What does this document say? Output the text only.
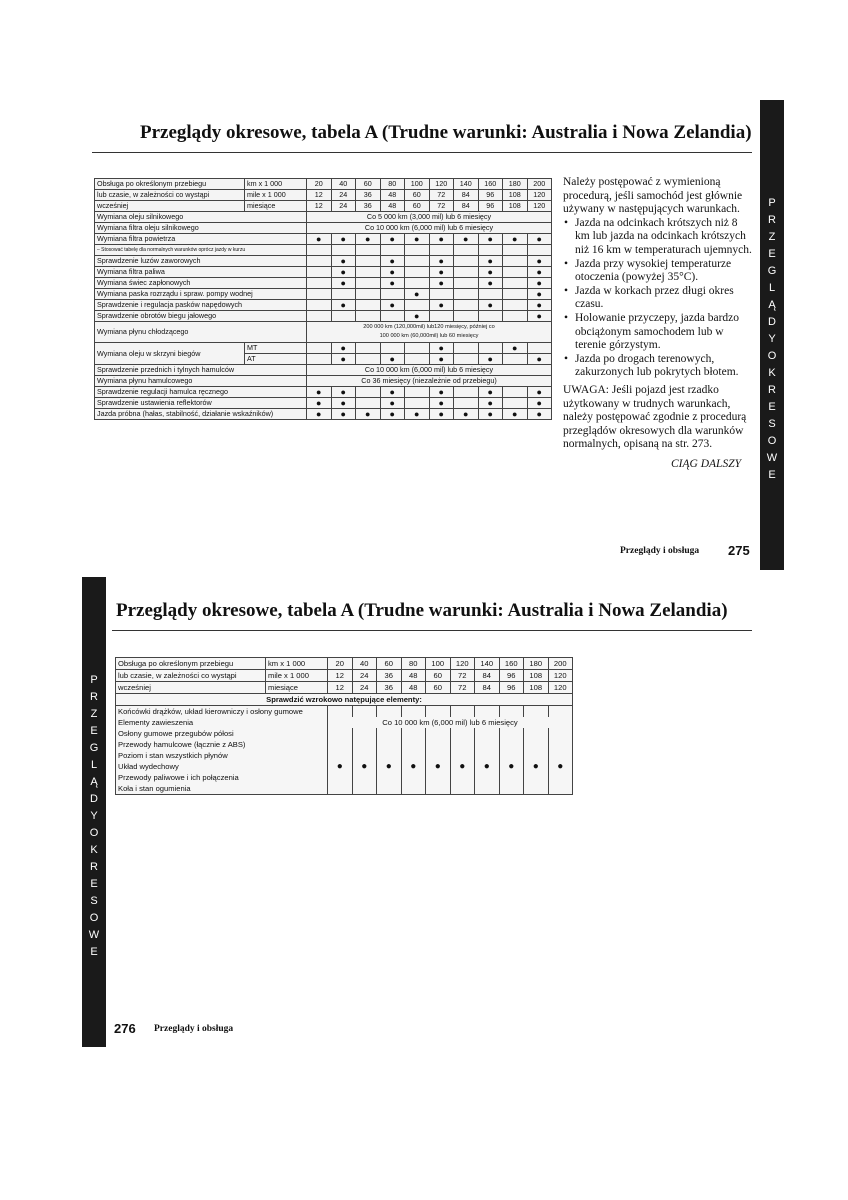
Przeglądy okresowe, tabela A (Trudne warunki: Australia i Nowa Zelandia)
P
R
Z
E
G
L
Ą
D
Y
O
K
R
E
S
O
W
E
Obsługa po określonym przebiegu	km x 1 000	20	40	60	80	100	120	140	160	180	200
lub czasie, w zależności co wystąpi	mile x 1 000	12	24	36	48	60	72	84	96	108	120
wcześniej	miesiące	12	24	36	48	60	72	84	96	108	120
Wymiana oleju silnikowego		Co 5 000 km (3,000 mil) lub 6 miesięcy									
Wymiana filtra oleju silnikowego		Co 10 000 km (6,000 mil) lub 6 miesięcy									
Wymiana filtra powietrza		●	●	●	●	●	●	●	●	●	●
– Stosować tabelę dla normalnych warunków oprócz jazdy w kurzu											
Sprawdzenie luzów zaworowych			●		●		●		●		●
Wymiana filtra paliwa			●		●		●		●		●
Wymiana świec zapłonowych			●		●		●		●		●
Wymiana paska rozrządu i spraw. pompy wodnej						●					●
Sprawdzenie i regulacja pasków napędowych			●		●		●		●		●
Sprawdzenie obrotów biegu jałowego						●					●
Wymiana płynu chłodzącego		200 000 km (120,000mil) lub120 miesięcy, później co
100 000 km (60,000mil) lub 60 miesięcy									

Wymiana oleju w skrzyni biegów	MT		●				●			●	
	AT		●		●		●		●		●
Sprawdzenie przednich i tylnych hamulców		Co 10 000 km (6,000 mil) lub 6 miesięcy									
Wymiana płynu hamulcowego		Co 36 miesięcy (niezależnie od przebiegu)									
Sprawdzenie regulacji hamulca ręcznego		●	●		●		●		●		●
Sprawdzenie ustawienia reflektorów		●	●		●		●		●		●
Jazda próbna (hałas, stabilność, działanie wskaźników)		●	●	●	●	●	●	●	●	●	●
Należy postępować z wymienioną procedurą, jeśli samochód jest głównie używany w następujących warunkach.
• Jazda na odcinkach krótszych niż 8 km lub jazda na odcinkach krótszych niż 16 km w temperaturach ujemnych.
• Jazda przy wysokiej temperaturze otoczenia (powyżej 35°C).
• Jazda w korkach przez długi okres czasu.
• Holowanie przyczepy, jazda bardzo obciążonym samochodem lub w terenie górzystym.
• Jazda po drogach terenowych, zakurzonych lub pokrytych błotem.
UWAGA: Jeśli pojazd jest rzadko użytkowany w trudnych warunkach, należy postępować zgodnie z procedurą przeglądów okresowych dla warunków normalnych, opisaną na str. 273.
CIĄG DALSZY
Przeglądy i obsługa 275
P
R
Z
E
G
L
Ą
D
Y
O
K
R
E
S
O
W
E
Przeglądy okresowe, tabela A (Trudne warunki: Australia i Nowa Zelandia)
Obsługa po określonym przebiegu	km x 1 000	20	40	60	80	100	120	140	160	180	200
lub czasie, w zależności co wystąpi	mile x 1 000	12	24	36	48	60	72	84	96	108	120
wcześniej	miesiące	12	24	36	48	60	72	84	96	108	120
Sprawdzić wzrokowo natępujące elementy:											
Końcówki drążków, układ kierowniczy i osłony gumowe											
Elementy zawieszenia		Co 10 000 km (6,000 mil) lub 6 miesięcy									
Osłony gumowe przegubów półosi											
Przewody hamulcowe (łącznie z ABS)											
Poziom i stan wszystkich płynów											
Układ wydechowy		●	●	●	●	●	●	●	●	●	●
Przewody paliwowe i ich połączenia											
Koła i stan ogumienia											
276 Przeglądy i obsługa
